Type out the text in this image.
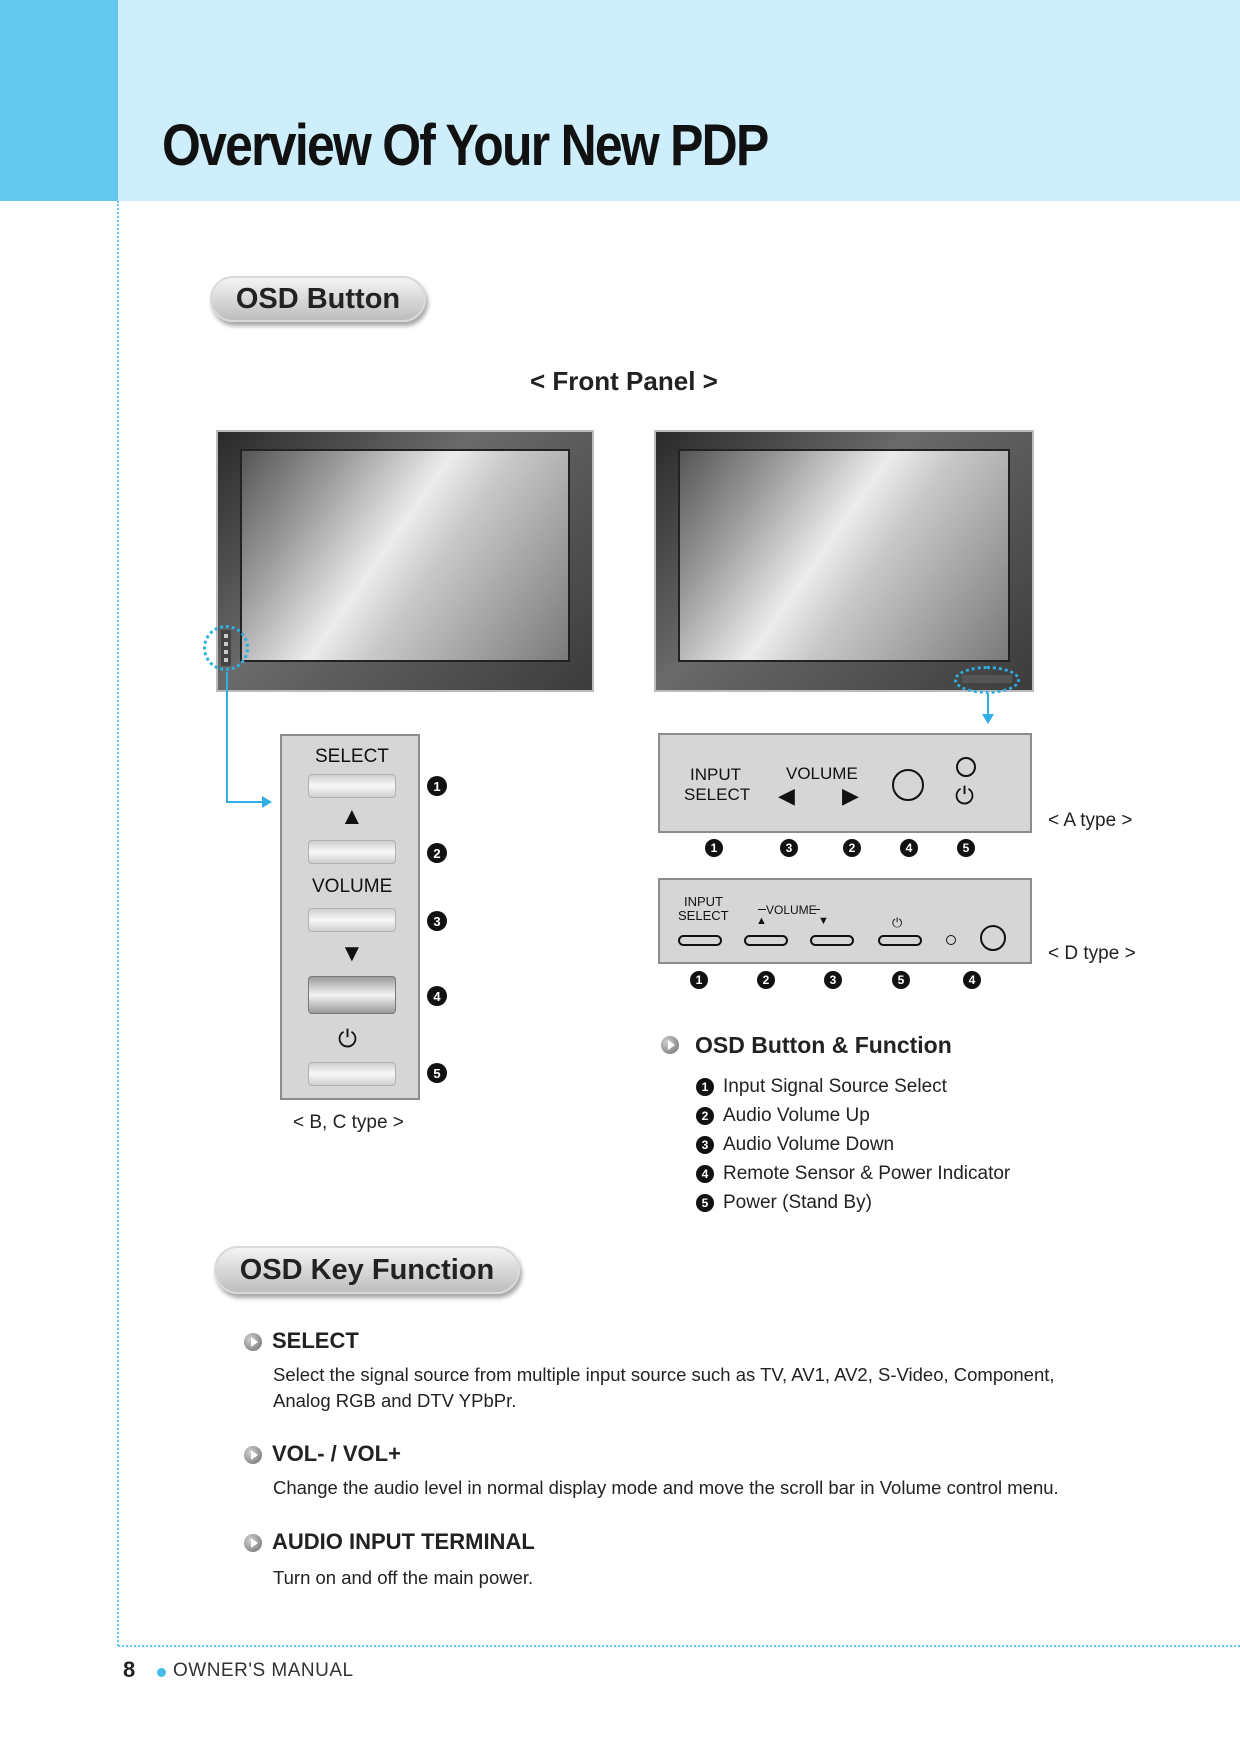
Overview Of Your New PDP
OSD Button
< Front Panel >
SELECT
▲
VOLUME
▼
⏻
1
2
3
4
5
< B, C type >
INPUT
SELECT
VOLUME
◀ ▶	⏻
1	3	2	4	5
< A type >
INPUT
SELECT	VOLUME
▲	▼	⏻
1	2	3	5	4
< D type >
OSD Button & Function
1 Input Signal Source Select
2 Audio Volume Up
3 Audio Volume Down
4 Remote Sensor & Power Indicator
5 Power (Stand By)
OSD Key Function
SELECT
Select the signal source from multiple input source such as TV, AV1, AV2, S-Video, Component,
Analog RGB and DTV YPbPr.
VOL- / VOL+
Change the audio level in normal display mode and move the scroll bar in Volume control menu.
AUDIO INPUT TERMINAL
Turn on and off the main power.
8 OWNER'S MANUAL
